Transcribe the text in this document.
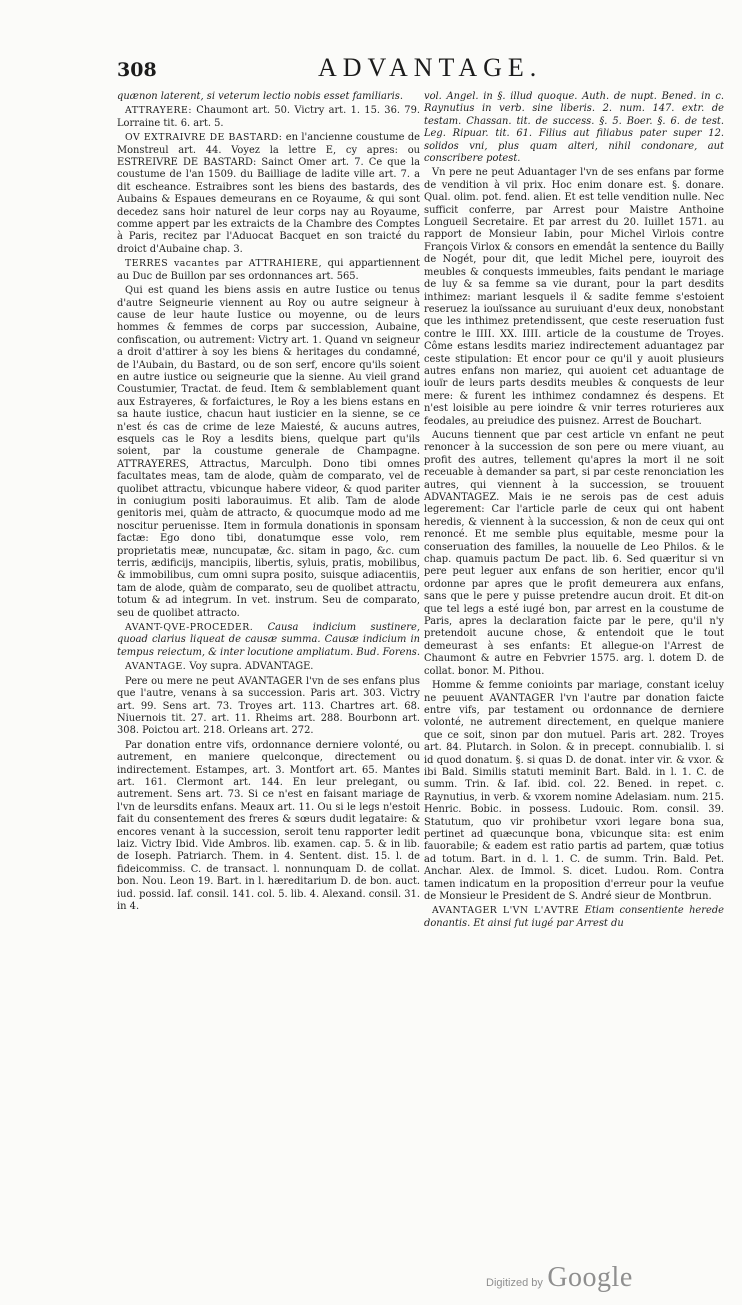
308	ADVANTAGE.

quænon laterent, si veterum lectio nobis esset familiaris.

ATTRAYERE: Chaumont art. 50. Victry art. 1. 15. 36. 79. Lorraine tit. 6. art. 5.

OV EXTRAIVRE DE BASTARD: en l'ancienne coustume de Monstreul art. 44. Voyez la lettre E, cy apres: ou ESTREIVRE DE BASTARD: Sainct Omer art. 7. Ce que la coustume de l'an 1509. du Bailliage de ladite ville art. 7. a dit escheance. Estraibres sont les biens des bastards, des Aubains & Espaues demeurans en ce Royaume, & qui sont decedez sans hoir naturel de leur corps nay au Royaume, comme appert par les extraicts de la Chambre des Comptes à Paris, recitez par l'Aduocat Bacquet en son traicté du droict d'Aubaine chap. 3.

TERRES vacantes par ATTRAHIERE, qui appartiennent au Duc de Buillon par ses ordonnances art. 565.

Qui est quand les biens assis en autre Iustice ou tenus d'autre Seigneurie viennent au Roy ou autre seigneur à cause de leur haute Iustice ou moyenne, ou de leurs hommes & femmes de corps par succession, Aubaine, confiscation, ou autrement: Victry art. 1. Quand vn seigneur a droit d'attirer à soy les biens & heritages du condamné, de l'Aubain, du Bastard, ou de son serf, encore qu'ils soient en autre iustice ou seigneurie que la sienne. Au vieil grand Coustumier, Tractat. de feud. Item & semblablement quant aux Estrayeres, & forfaictures, le Roy a les biens estans en sa haute iustice, chacun haut iusticier en la sienne, se ce n'est és cas de crime de leze Maiesté, & aucuns autres, esquels cas le Roy a lesdits biens, quelque part qu'ils soient, par la coustume generale de Champagne. ATTRAYERES, Attractus, Marculph. Dono tibi omnes facultates meas, tam de alode, quàm de comparato, vel de quolibet attractu, vbicunque habere videor, & quod pariter in coniugium positi laborauimus. Et alib. Tam de alode genitoris mei, quàm de attracto, & quocumque modo ad me noscitur peruenisse. Item in formula donationis in sponsam factæ: Ego dono tibi, donatumque esse volo, rem proprietatis meæ, nuncupatæ, &c. sitam in pago, &c. cum terris, ædificijs, mancipiis, libertis, syluis, pratis, mobilibus, & immobilibus, cum omni supra posito, suisque adiacentiis, tam de alode, quàm de comparato, seu de quolibet attractu, totum & ad integrum. In vet. instrum. Seu de comparato, seu de quolibet attracto.

AVANT-QVE-PROCEDER. Causa indicium sustinere, quoad clarius liqueat de causæ summa. Causæ indicium in tempus reiectum, & inter locutione ampliatum. Bud. Forens.

AVANTAGE. Voy supra. ADVANTAGE.

Pere ou mere ne peut AVANTAGER l'vn de ses enfans plus que l'autre, venans à sa succession. Paris art. 303. Victry art. 99. Sens art. 73. Troyes art. 113. Chartres art. 68. Niuernois tit. 27. art. 11. Rheims art. 288. Bourbonn art. 308. Poictou art. 218. Orleans art. 272.

Par donation entre vifs, ordonnance derniere volonté, ou autrement, en maniere quelconque, directement ou indirectement. Estampes, art. 3. Montfort art. 65. Mantes art. 161. Clermont art. 144. En leur prelegant, ou autrement. Sens art. 73. Si ce n'est en faisant mariage de l'vn de leursdits enfans. Meaux art. 11. Ou si le legs n'estoit fait du consentement des freres & sœurs dudit legataire: & encores venant à la succession, seroit tenu rapporter ledit laiz. Victry Ibid. Vide Ambros. lib. examen. cap. 5. & in lib. de Ioseph. Patriarch. Them. in 4. Sentent. dist. 15. l. de fideicommiss. C. de transact. l. nonnunquam D. de collat. bon. Nou. Leon 19. Bart. in l. hæreditarium D. de bon. auct. iud. possid. Iaf. consil. 141. col. 5. lib. 4. Alexand. consil. 31. in 4.

vol. Angel. in §. illud quoque. Auth. de nupt. Bened. in c. Raynutius in verb. sine liberis. 2. num. 147. extr. de testam. Chassan. tit. de success. §. 5. Boer. §. 6. de test. Leg. Ripuar. tit. 61. Filius aut filiabus pater super 12. solidos vni, plus quam alteri, nihil condonare, aut conscribere potest.

Vn pere ne peut Aduantager l'vn de ses enfans par forme de vendition à vil prix. Hoc enim donare est. §. donare. Qual. olim. pot. fend. alien. Et est telle vendition nulle. Nec sufficit conferre, par Arrest pour Maistre Anthoine Longueil Secretaire. Et par arrest du 20. Iuillet 1571. au rapport de Monsieur Iabin, pour Michel Virlois contre François Virlox & consors en emendât la sentence du Bailly de Nogét, pour dit, que ledit Michel pere, iouyroit des meubles & conquests immeubles, faits pendant le mariage de luy & sa femme sa vie durant, pour la part desdits inthimez: mariant lesquels il & sadite femme s'estoient reseruez la iouïssance au suruiuant d'eux deux, nonobstant que les inthimez pretendissent, que ceste reseruation fust contre le IIII. XX. IIII. article de la coustume de Troyes. Côme estans lesdits mariez indirectement aduantagez par ceste stipulation: Et encor pour ce qu'il y auoit plusieurs autres enfans non mariez, qui auoient cet aduantage de iouïr de leurs parts desdits meubles & conquests de leur mere: & furent les inthimez condamnez és despens. Et n'est loisible au pere ioindre & vnir terres roturieres aux feodales, au preiudice des puisnez. Arrest de Bouchart.

Aucuns tiennent que par cest article vn enfant ne peut renoncer à la succession de son pere ou mere viuant, au profit des autres, tellement qu'apres la mort il ne soit receuable à demander sa part, si par ceste renonciation les autres, qui viennent à la succession, se trouuent ADVANTAGEZ. Mais ie ne serois pas de cest aduis legerement: Car l'article parle de ceux qui ont habent heredis, & viennent à la succession, & non de ceux qui ont renoncé. Et me semble plus equitable, mesme pour la conseruation des familles, la nouuelle de Leo Philos. & le chap. quamuis pactum De pact. lib. 6. Sed quæritur si vn pere peut leguer aux enfans de son heritier, encor qu'il ordonne par apres que le profit demeurera aux enfans, sans que le pere y puisse pretendre aucun droit. Et dit-on que tel legs a esté iugé bon, par arrest en la coustume de Paris, apres la declaration faicte par le pere, qu'il n'y pretendoit aucune chose, & entendoit que le tout demeurast à ses enfants: Et allegue-on l'Arrest de Chaumont & autre en Febvrier 1575. arg. l. dotem D. de collat. bonor. M. Pithou.

Homme & femme conioints par mariage, constant iceluy ne peuuent AVANTAGER l'vn l'autre par donation faicte entre vifs, par testament ou ordonnance de derniere volonté, ne autrement directement, en quelque maniere que ce soit, sinon par don mutuel. Paris art. 282. Troyes art. 84. Plutarch. in Solon. & in precept. connubialib. l. si id quod donatum. §. si quas D. de donat. inter vir. & vxor. & ibi Bald. Similis statuti meminit Bart. Bald. in l. 1. C. de summ. Trin. & Iaf. ibid. col. 22. Bened. in repet. c. Raynutius, in verb. & vxorem nomine Adelasiam. num. 215. Henric. Bobic. in possess. Ludouic. Rom. consil. 39. Statutum, quo vir prohibetur vxori legare bona sua, pertinet ad quæcunque bona, vbicunque sita: est enim fauorabile; & eadem est ratio partis ad partem, quæ totius ad totum. Bart. in d. l. 1. C. de summ. Trin. Bald. Pet. Anchar. Alex. de Immol. S. dicet. Ludou. Rom. Contra tamen indicatum en la proposition d'erreur pour la veufue de Monsieur le President de S. André sieur de Montbrun.

AVANTAGER L'VN L'AVTRE Etiam consentiente herede donantis. Et ainsi fut iugé par Arrest du

Digitized by Google
